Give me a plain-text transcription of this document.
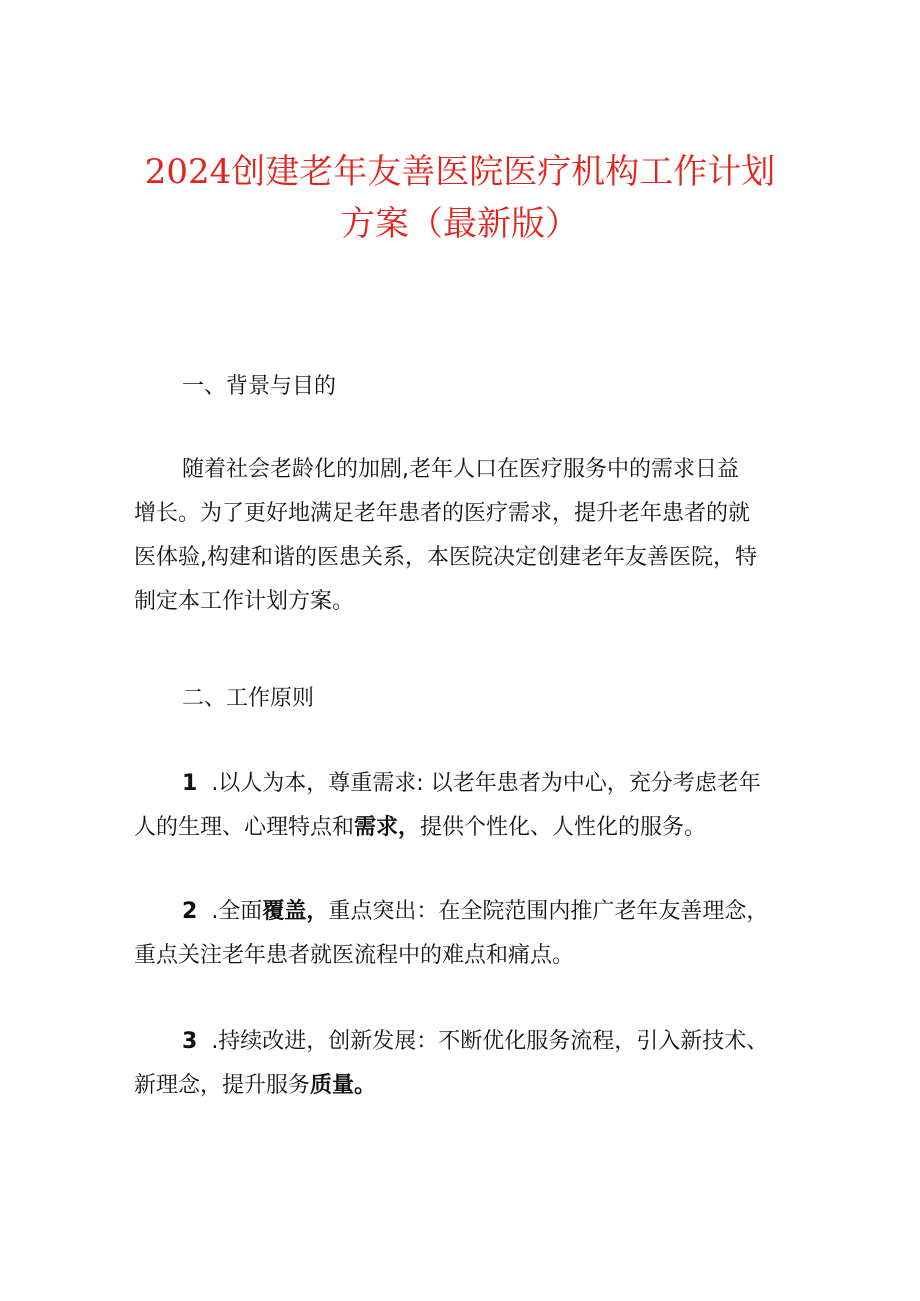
2024创建老年友善医院医疗机构工作计划
方案（最新版）
一、背景与目的
随着社会老龄化的加剧,老年人口在医疗服务中的需求日益
增长。为了更好地满足老年患者的医疗需求，提升老年患者的就
医体验,构建和谐的医患关系，本医院决定创建老年友善医院，特
制定本工作计划方案。
二、工作原则
1 .以人为本，尊重需求: 以老年患者为中心，充分考虑老年
人的生理、心理特点和需求，提供个性化、人性化的服务。
2 .全面覆盖，重点突出：在全院范围内推广老年友善理念，
重点关注老年患者就医流程中的难点和痛点。
3 .持续改进，创新发展：不断优化服务流程，引入新技术、
新理念，提升服务质量。
